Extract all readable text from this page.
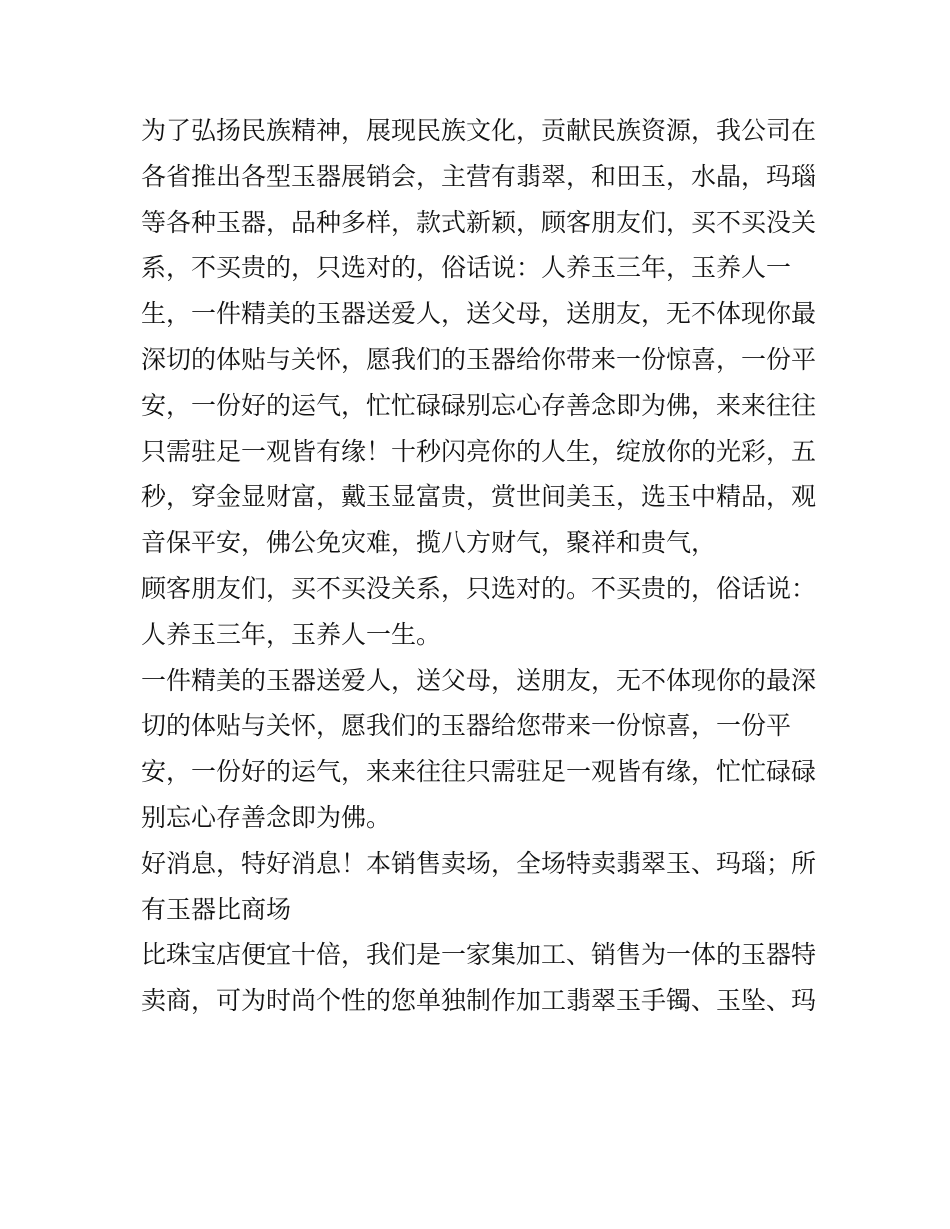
为了弘扬民族精神，展现民族文化，贡献民族资源，我公司在
各省推出各型玉器展销会，主营有翡翠，和田玉，水晶，玛瑙
等各种玉器，品种多样，款式新颖，顾客朋友们，买不买没关
系，不买贵的，只选对的，俗话说：人养玉三年，玉养人一
生，一件精美的玉器送爱人，送父母，送朋友，无不体现你最
深切的体贴与关怀，愿我们的玉器给你带来一份惊喜，一份平
安，一份好的运气，忙忙碌碌别忘心存善念即为佛，来来往往
只需驻足一观皆有缘！十秒闪亮你的人生，绽放你的光彩，五
秒，穿金显财富，戴玉显富贵，赏世间美玉，选玉中精品，观
音保平安，佛公免灾难，揽八方财气，聚祥和贵气，
顾客朋友们，买不买没关系，只选对的。不买贵的，俗话说：
人养玉三年，玉养人一生。
一件精美的玉器送爱人，送父母，送朋友，无不体现你的最深
切的体贴与关怀，愿我们的玉器给您带来一份惊喜，一份平
安，一份好的运气，来来往往只需驻足一观皆有缘，忙忙碌碌
别忘心存善念即为佛。
好消息，特好消息！本销售卖场，全场特卖翡翠玉、玛瑙；所
有玉器比商场
比珠宝店便宜十倍，我们是一家集加工、销售为一体的玉器特
卖商，可为时尚个性的您单独制作加工翡翠玉手镯、玉坠、玛
